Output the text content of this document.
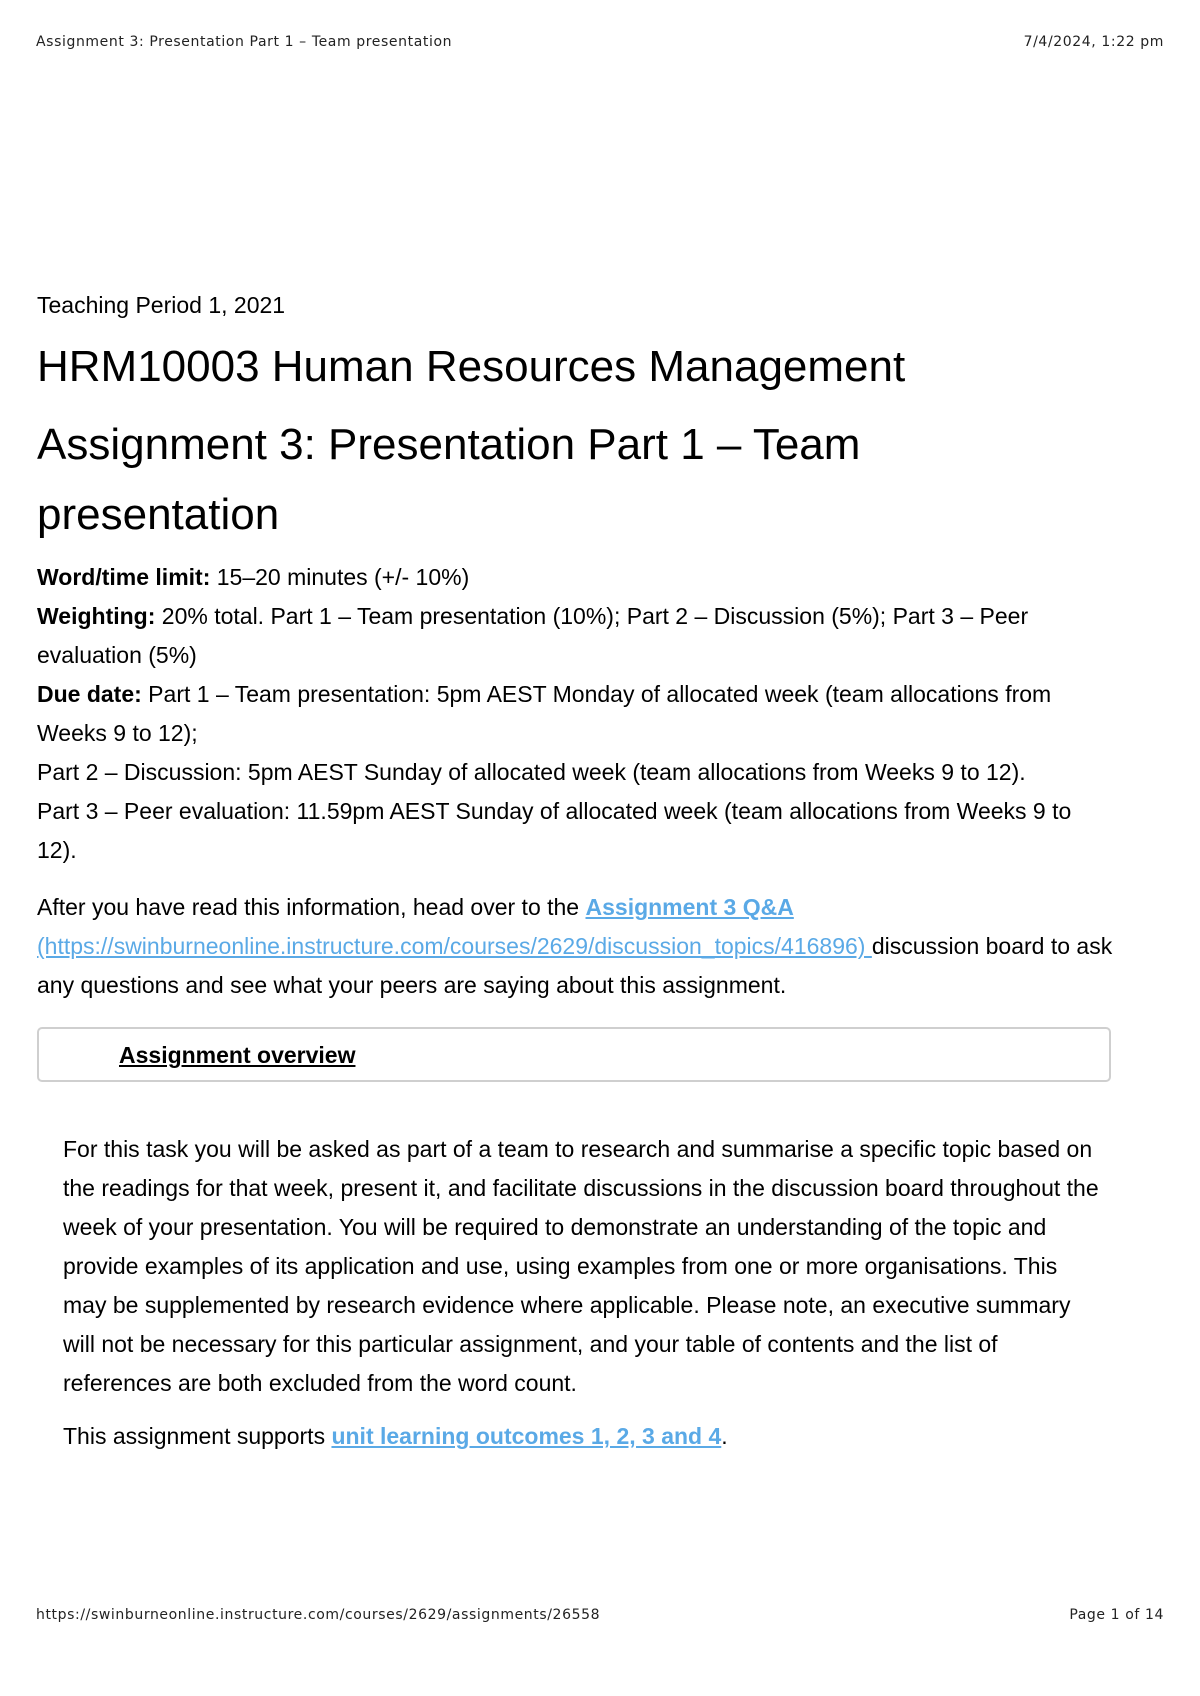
Assignment 3: Presentation Part 1 – Team presentation	7/4/2024, 1:22 pm
Teaching Period 1, 2021
HRM10003 Human Resources Management
Assignment 3: Presentation Part 1 – Team
presentation
Word/time limit: 15–20 minutes (+/- 10%)
Weighting: 20% total. Part 1 – Team presentation (10%); Part 2 – Discussion (5%); Part 3 – Peer evaluation (5%)
Due date: Part 1 – Team presentation: 5pm AEST Monday of allocated week (team allocations from Weeks 9 to 12);
Part 2 – Discussion: 5pm AEST Sunday of allocated week (team allocations from Weeks 9 to 12).
Part 3 – Peer evaluation: 11.59pm AEST Sunday of allocated week (team allocations from Weeks 9 to 12).
After you have read this information, head over to the Assignment 3 Q&A
(https://swinburneonline.instructure.com/courses/2629/discussion_topics/416896) discussion board to ask any questions and see what your peers are saying about this assignment.
Assignment overview
For this task you will be asked as part of a team to research and summarise a specific topic based on the readings for that week, present it, and facilitate discussions in the discussion board throughout the week of your presentation. You will be required to demonstrate an understanding of the topic and provide examples of its application and use, using examples from one or more organisations. This may be supplemented by research evidence where applicable. Please note, an executive summary will not be necessary for this particular assignment, and your table of contents and the list of references are both excluded from the word count.
This assignment supports unit learning outcomes 1, 2, 3 and 4.
https://swinburneonline.instructure.com/courses/2629/assignments/26558	Page 1 of 14
